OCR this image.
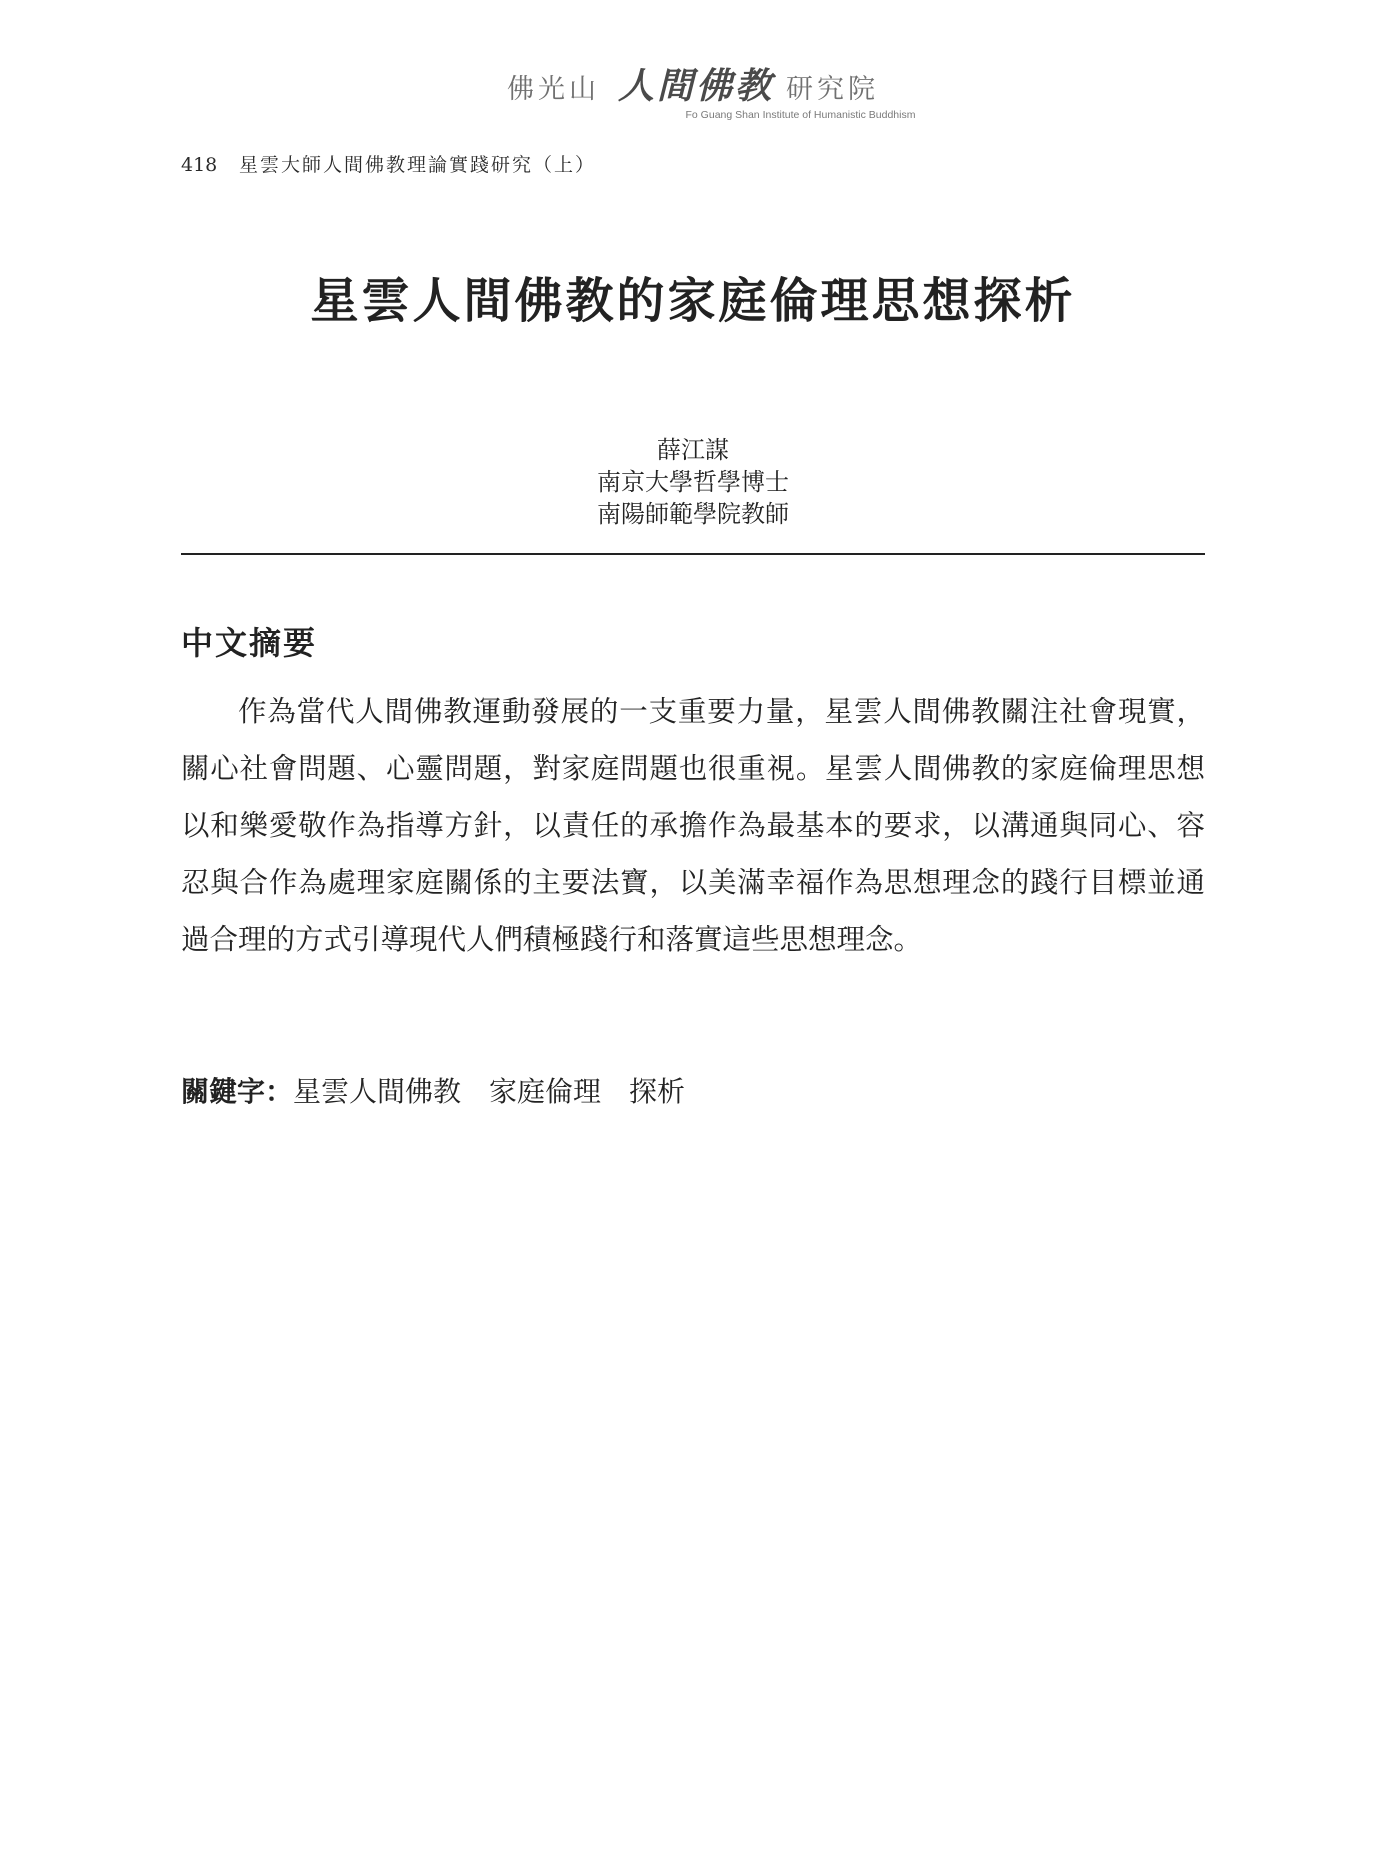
佛光山 人間佛教 研究院
Fo Guang Shan Institute of Humanistic Buddhism
418 星雲大師人間佛教理論實踐研究（上）
星雲人間佛教的家庭倫理思想探析
薛江謀
南京大學哲學博士
南陽師範學院教師
中文摘要

作為當代人間佛教運動發展的一支重要力量，星雲人間佛教關注社會現實，關心社會問題、心靈問題，對家庭問題也很重視。星雲人間佛教的家庭倫理思想以和樂愛敬作為指導方針，以責任的承擔作為最基本的要求，以溝通與同心、容忍與合作為處理家庭關係的主要法寶，以美滿幸福作為思想理念的踐行目標並通過合理的方式引導現代人們積極踐行和落實這些思想理念。

關鍵字：星雲人間佛教 家庭倫理 探析
